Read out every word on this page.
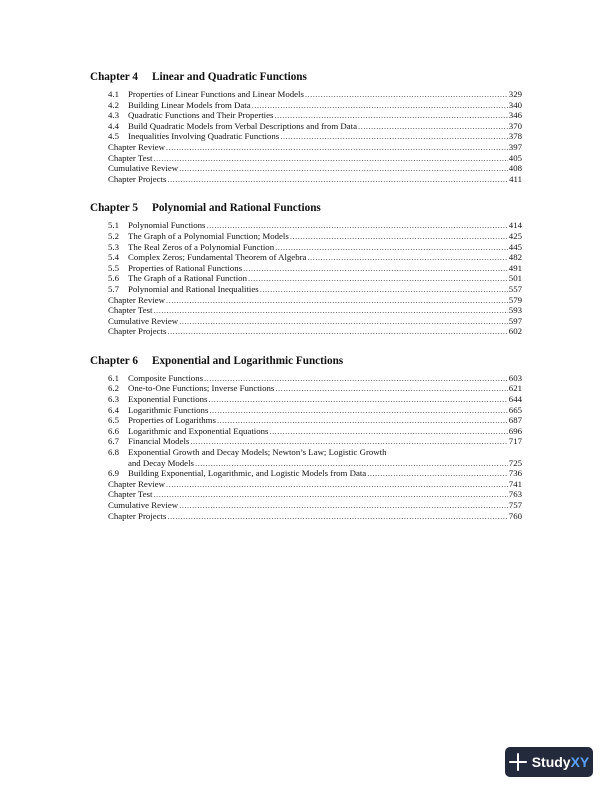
Chapter 4 Linear and Quadratic Functions
4.1	Properties of Linear Functions and Linear Models .....	329
4.2	Building Linear Models from Data .....	340
4.3	Quadratic Functions and Their Properties .....	346
4.4	Build Quadratic Models from Verbal Descriptions and from Data .....	370
4.5	Inequalities Involving Quadratic Functions .....	378
Chapter Review .....	397
Chapter Test .....	405
Cumulative Review .....	408
Chapter Projects .....	411
Chapter 5 Polynomial and Rational Functions
5.1	Polynomial Functions .....	414
5.2	The Graph of a Polynomial Function; Models .....	425
5.3	The Real Zeros of a Polynomial Function .....	445
5.4	Complex Zeros; Fundamental Theorem of Algebra .....	482
5.5	Properties of Rational Functions .....	491
5.6	The Graph of a Rational Function .....	501
5.7	Polynomial and Rational Inequalities .....	557
Chapter Review .....	579
Chapter Test .....	593
Cumulative Review .....	597
Chapter Projects .....	602
Chapter 6 Exponential and Logarithmic Functions
6.1	Composite Functions .....	603
6.2	One-to-One Functions; Inverse Functions .....	621
6.3	Exponential Functions .....	644
6.4	Logarithmic Functions .....	665
6.5	Properties of Logarithms .....	687
6.6	Logarithmic and Exponential Equations .....	696
6.7	Financial Models .....	717
6.8 Exponential Growth and Decay Models; Newton’s Law; Logistic Growth
and Decay Models .....	725
6.9	Building Exponential, Logarithmic, and Logistic Models from Data .....	736
Chapter Review .....	741
Chapter Test .....	763
Cumulative Review .....	757
Chapter Projects .....	760
StudyXY
